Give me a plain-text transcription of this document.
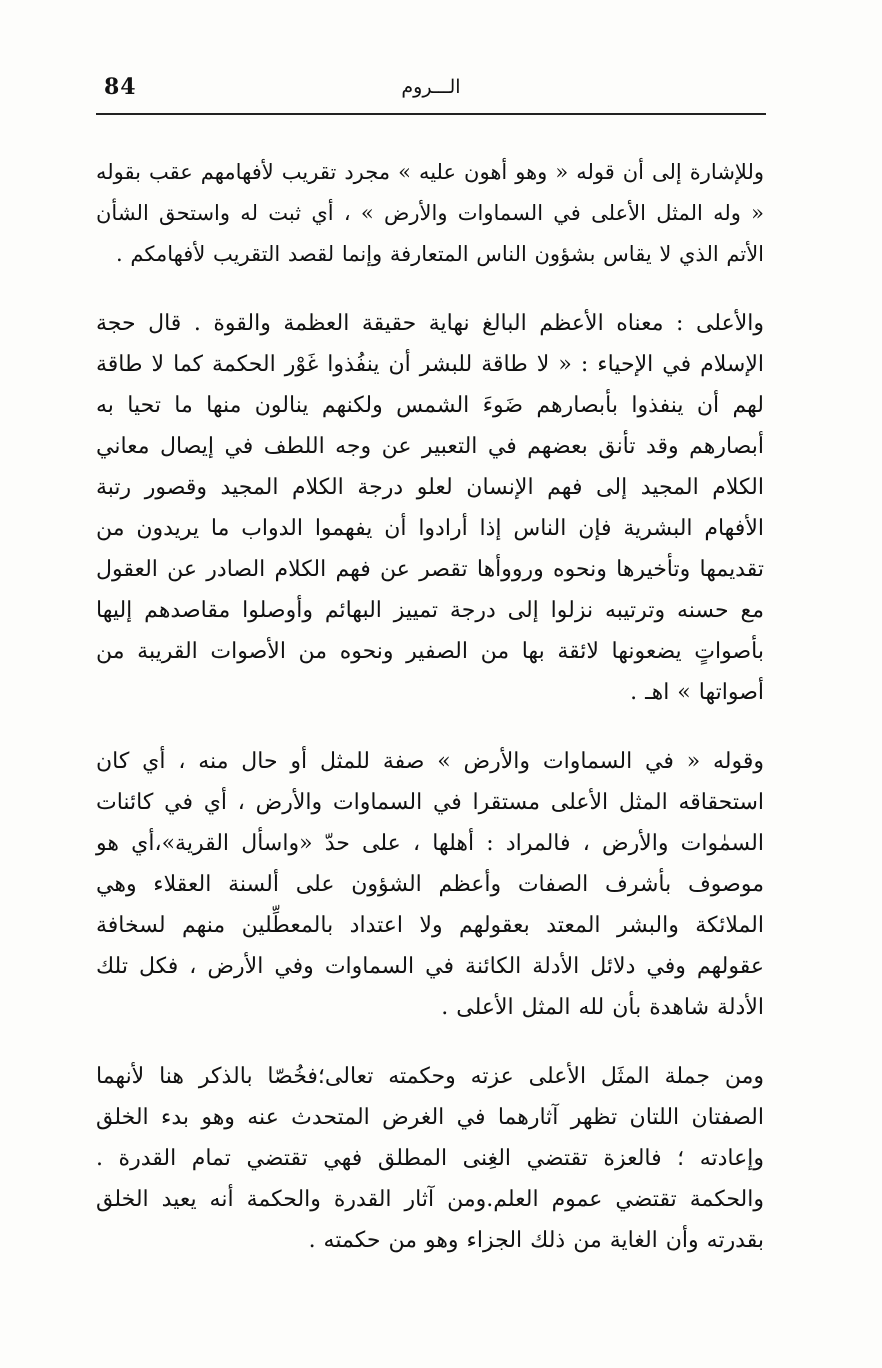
84	الـــروم

وللإشارة إلى أن قوله « وهو أهون عليه » مجرد تقريب لأفهامهم عقب بقوله « وله المثل الأعلى في السماوات والأرض » ، أي ثبت له واستحق الشأن الأتم الذي لا يقاس بشؤون الناس المتعارفة وإنما لقصد التقريب لأفهامكم .

والأعلى : معناه الأعظم البالغ نهاية حقيقة العظمة والقوة . قال حجة الإسلام في الإحياء : « لا طاقة للبشر أن ينفُذوا غَوْر الحكمة كما لا طاقة لهم أن ينفذوا بأبصارهم ضَوءَ الشمس ولكنهم ينالون منها ما تحيا به أبصارهم وقد تأنق بعضهم في التعبير عن وجه اللطف في إيصال معاني الكلام المجيد إلى فهم الإنسان لعلو درجة الكلام المجيد وقصور رتبة الأفهام البشرية فإن الناس إذا أرادوا أن يفهموا الدواب ما يريدون من تقديمها وتأخيرها ونحوه ورووأها تقصر عن فهم الكلام الصادر عن العقول مع حسنه وترتيبه نزلوا إلى درجة تمييز البهائم وأوصلوا مقاصدهم إليها بأصواتٍ يضعونها لائقة بها من الصفير ونحوه من الأصوات القريبة من أصواتها » اهـ .

وقوله « في السماوات والأرض » صفة للمثل أو حال منه ، أي كان استحقاقه المثل الأعلى مستقرا في السماوات والأرض ، أي في كائنات السمٰوات والأرض ، فالمراد : أهلها ، على حدّ «واسأل القرية»،أي هو موصوف بأشرف الصفات وأعظم الشؤون على ألسنة العقلاء وهي الملائكة والبشر المعتد بعقولهم ولا اعتداد بالمعطِّلين منهم لسخافة عقولهم وفي دلائل الأدلة الكائنة في السماوات وفي الأرض ، فكل تلك الأدلة شاهدة بأن لله المثل الأعلى .

ومن جملة المثَل الأعلى عزته وحكمته تعالى؛فخُصّا بالذكر هنا لأنهما الصفتان اللتان تظهر آثارهما في الغرض المتحدث عنه وهو بدء الخلق وإعادته ؛ فالعزة تقتضي الغِنى المطلق فهي تقتضي تمام القدرة . والحكمة تقتضي عموم العلم.ومن آثار القدرة والحكمة أنه يعيد الخلق بقدرته وأن الغاية من ذلك الجزاء وهو من حكمته .
